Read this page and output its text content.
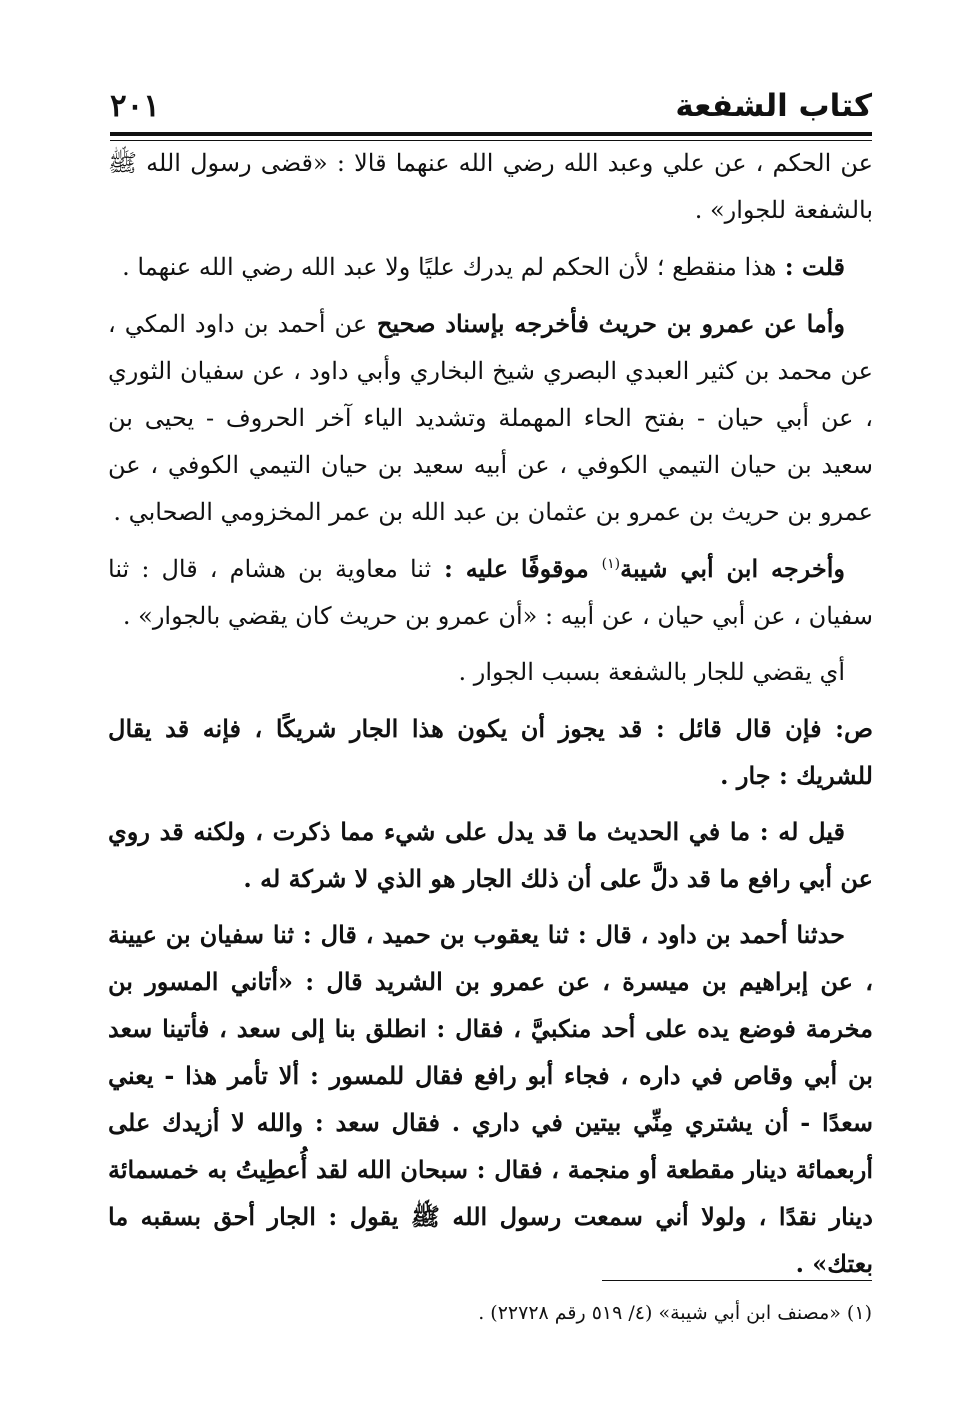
كتاب الشفعة
٢٠١

عن الحكم ، عن علي وعبد الله رضي الله عنهما قالا : «قضى رسول الله ﷺ بالشفعة للجوار» .

قلت : هذا منقطع ؛ لأن الحكم لم يدرك عليًا ولا عبد الله رضي الله عنهما .

وأما عن عمرو بن حريث فأخرجه بإسناد صحيح عن أحمد بن داود المكي ، عن محمد بن كثير العبدي البصري شيخ البخاري وأبي داود ، عن سفيان الثوري ، عن أبي حيان - بفتح الحاء المهملة وتشديد الياء آخر الحروف - يحيى بن سعيد بن حيان التيمي الكوفي ، عن أبيه سعيد بن حيان التيمي الكوفي ، عن عمرو بن حريث بن عمرو بن عثمان بن عبد الله بن عمر المخزومي الصحابي .

وأخرجه ابن أبي شيبة$^{(١)}$ موقوفًا عليه : ثنا معاوية بن هشام ، قال : ثنا سفيان ، عن أبي حيان ، عن أبيه : «أن عمرو بن حريث كان يقضي بالجوار» .

أي يقضي للجار بالشفعة بسبب الجوار .

ص: فإن قال قائل : قد يجوز أن يكون هذا الجار شريكًا ، فإنه قد يقال للشريك : جار .

قيل له : ما في الحديث ما قد يدل على شيء مما ذكرت ، ولكنه قد روي عن أبي رافع ما قد دلَّ على أن ذلك الجار هو الذي لا شركة له .

حدثنا أحمد بن داود ، قال : ثنا يعقوب بن حميد ، قال : ثنا سفيان بن عيينة ، عن إبراهيم بن ميسرة ، عن عمرو بن الشريد قال : «أتاني المسور بن مخرمة فوضع يده على أحد منكبيَّ ، فقال : انطلق بنا إلى سعد ، فأتينا سعد بن أبي وقاص في داره ، فجاء أبو رافع فقال للمسور : ألا تأمر هذا - يعني سعدًا - أن يشتري مِنِّي بيتين في داري . فقال سعد : والله لا أزيدك على أربعمائة دينار مقطعة أو منجمة ، فقال : سبحان الله لقد أُعطِيتُ به خمسمائة دينار نقدًا ، ولولا أني سمعت رسول الله ﷺ يقول : الجار أحق بسقبه ما بعتك» .

(١) «مصنف ابن أبي شيبة» (٤/ ٥١٩ رقم ٢٢٧٢٨) .
